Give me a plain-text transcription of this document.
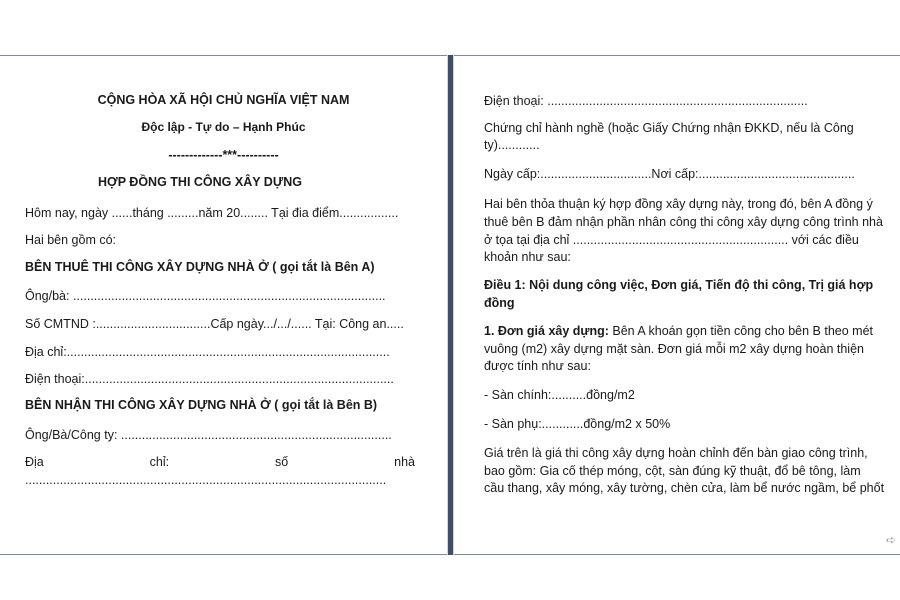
CỘNG HÒA XÃ HỘI CHỦ NGHĨA VIỆT NAM
Độc lập - Tự do – Hạnh Phúc
-------------***----------
HỢP ĐỒNG THI CÔNG XÂY DỰNG
Hôm nay, ngày ......tháng .........năm 20........ Tại đia điểm.................
Hai bên gồm có:
BÊN THUÊ THI CÔNG XÂY DỰNG NHÀ Ở ( gọi tắt là Bên A)
Ông/bà: ..........................................................................................
Số CMTND :.................................Cấp ngày.../.../...... Tại: Công an.....
Địa chỉ:.............................................................................................
Điện thoại:.........................................................................................
BÊN NHẬN THI CÔNG XÂY DỰNG NHÀ Ở ( gọi tắt là Bên B)
Ông/Bà/Công ty: ..............................................................................
Địa	chỉ:	số	nhà
........................................................................................................
Điện thoại: ...........................................................................
Chứng chỉ hành nghề (hoặc Giấy Chứng nhận ĐKKD, nếu là Công
ty)............
Ngày cấp:................................Nơi cấp:.............................................
Hai bên thỏa thuận ký hợp đồng xây dựng này, trong đó, bên A đồng ý
thuê bên B đảm nhận phần nhân công thi công xây dựng công trình nhà
ở tọa tại địa chỉ .............................................................. với các điều
khoản như sau:
Điều 1: Nội dung công việc, Đơn giá, Tiến độ thi công, Trị giá hợp
đồng
1. Đơn giá xây dựng: Bên A khoán gọn tiền công cho bên B theo mét
vuông (m2) xây dựng mặt sàn. Đơn giá mỗi m2 xây dựng hoàn thiện
được tính như sau:
- Sàn chính:..........đồng/m2
- Sàn phụ:............đồng/m2 x 50%
Giá trên là giá thi công xây dựng hoàn chỉnh đến bàn giao công trình,
bao gồm: Gia cố thép móng, cột, sàn đúng kỹ thuật, đổ bê tông, làm
cầu thang, xây móng, xây tường, chèn cửa, làm bể nước ngầm, bể phốt
➪
